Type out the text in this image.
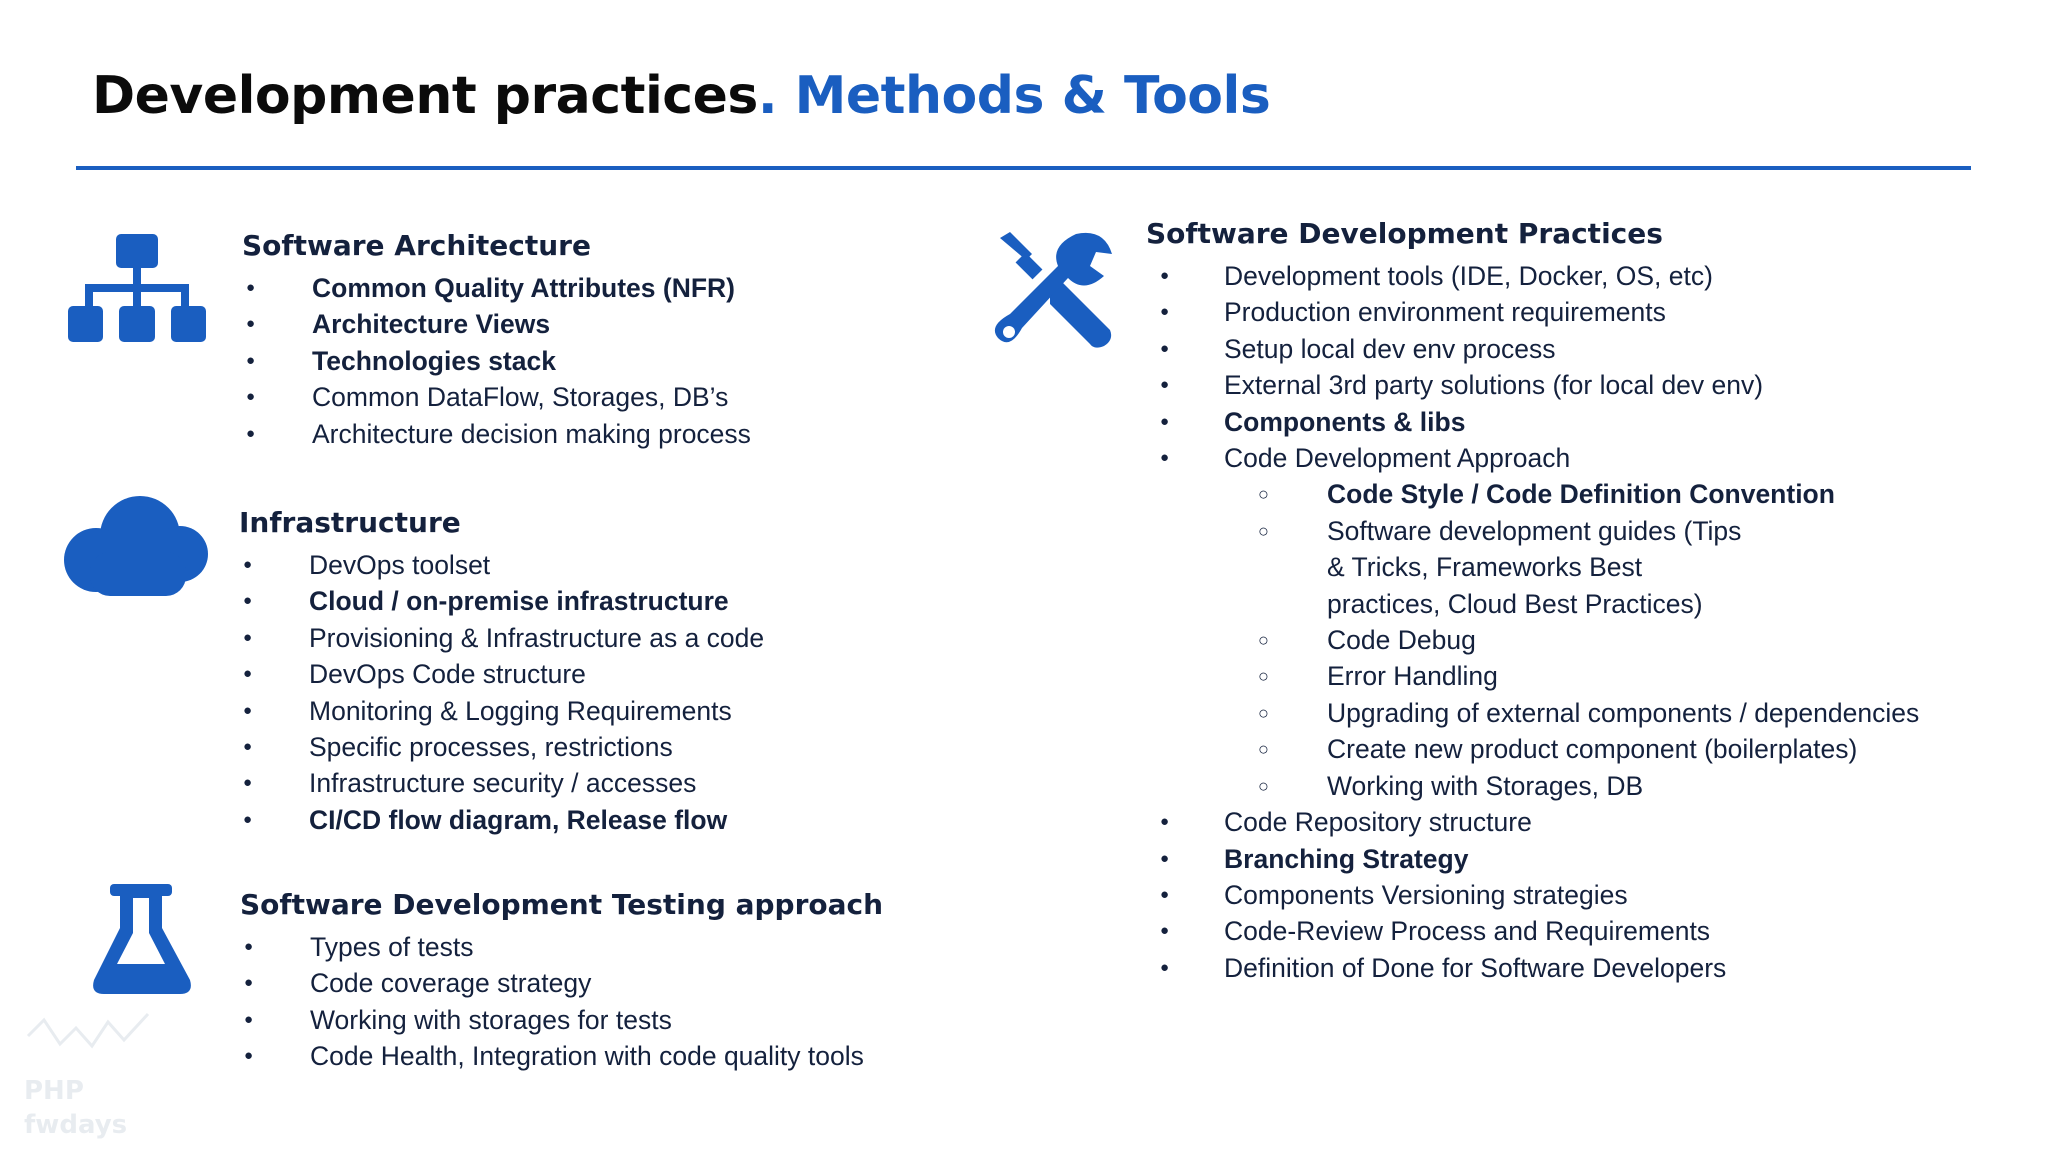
Development practices. Methods & Tools
Software Architecture
● Common Quality Attributes (NFR)
● Architecture Views
● Technologies stack
● Common DataFlow, Storages, DB’s
● Architecture decision making process
Infrastructure
● DevOps toolset
● Cloud / on-premise infrastructure
● Provisioning & Infrastructure as a code
● DevOps Code structure
● Monitoring & Logging Requirements
● Specific processes, restrictions
● Infrastructure security / accesses
● CI/CD flow diagram, Release flow
Software Development Testing approach
● Types of tests
● Code coverage strategy
● Working with storages for tests
● Code Health, Integration with code quality tools
Software Development Practices
● Development tools (IDE, Docker, OS, etc)
● Production environment requirements
● Setup local dev env process
● External 3rd party solutions (for local dev env)
● Components & libs
● Code Development Approach
○ Code Style / Code Definition Convention
○ Software development guides (Tips & Tricks, Frameworks Best practices, Cloud Best Practices)
○ Code Debug
○ Error Handling
○ Upgrading of external components / dependencies
○ Create new product component (boilerplates)
○ Working with Storages, DB
● Code Repository structure
● Branching Strategy
● Components Versioning strategies
● Code-Review Process and Requirements
● Definition of Done for Software Developers
PHP
fwdays
